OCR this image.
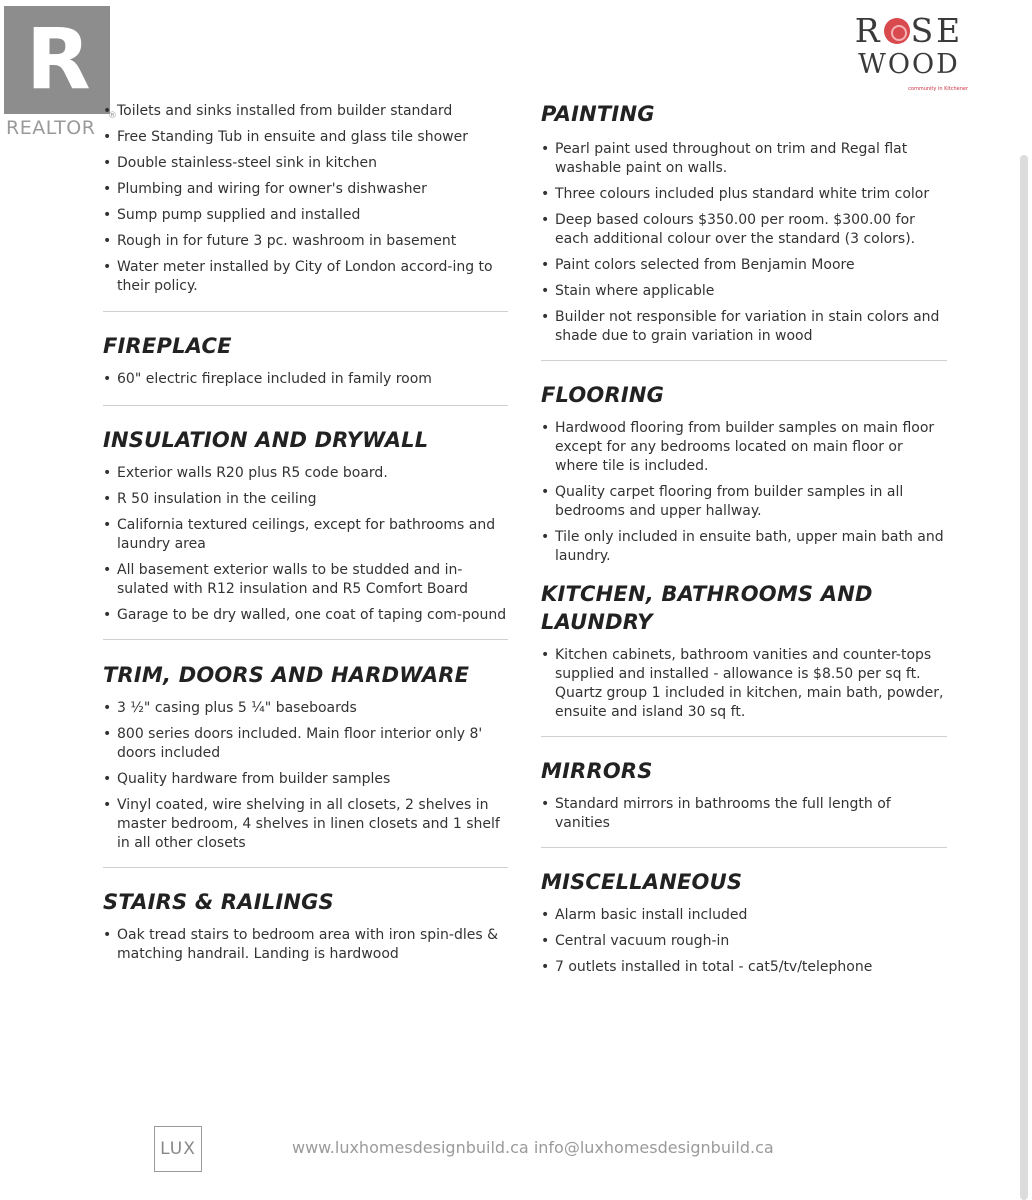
R
REALTOR
®
R SE
WOOD
community in Kitchener
• Toilets and sinks installed from builder standard
• Free Standing Tub in ensuite and glass tile shower
• Double stainless-steel sink in kitchen
• Plumbing and wiring for owner's dishwasher
• Sump pump supplied and installed
• Rough in for future 3 pc. washroom in basement
• Water meter installed by City of London accord-ing to their policy.
FIREPLACE
• 60" electric fireplace included in family room
INSULATION AND DRYWALL
• Exterior walls R20 plus R5 code board.
• R 50 insulation in the ceiling
• California textured ceilings, except for bathrooms and laundry area
• All basement exterior walls to be studded and in-sulated with R12 insulation and R5 Comfort Board
• Garage to be dry walled, one coat of taping com-pound
TRIM, DOORS AND HARDWARE
• 3 ½" casing plus 5 ¼" baseboards
• 800 series doors included. Main floor interior only 8' doors included
• Quality hardware from builder samples
• Vinyl coated, wire shelving in all closets, 2 shelves in master bedroom, 4 shelves in linen closets and 1 shelf in all other closets
STAIRS & RAILINGS
• Oak tread stairs to bedroom area with iron spin-dles & matching handrail. Landing is hardwood
PAINTING
• Pearl paint used throughout on trim and Regal flat washable paint on walls.
• Three colours included plus standard white trim color
• Deep based colours $350.00 per room. $300.00 for each additional colour over the standard (3 colors).
• Paint colors selected from Benjamin Moore
• Stain where applicable
• Builder not responsible for variation in stain colors and shade due to grain variation in wood
FLOORING
• Hardwood flooring from builder samples on main floor except for any bedrooms located on main floor or where tile is included.
• Quality carpet flooring from builder samples in all bedrooms and upper hallway.
• Tile only included in ensuite bath, upper main bath and laundry.
KITCHEN, BATHROOMS AND LAUNDRY
• Kitchen cabinets, bathroom vanities and counter-tops supplied and installed - allowance is $8.50 per sq ft. Quartz group 1 included in kitchen, main bath, powder, ensuite and island 30 sq ft.
MIRRORS
• Standard mirrors in bathrooms the full length of vanities
MISCELLANEOUS
• Alarm basic install included
• Central vacuum rough-in
• 7 outlets installed in total - cat5/tv/telephone
LUX	www.luxhomesdesignbuild.ca info@luxhomesdesignbuild.ca
